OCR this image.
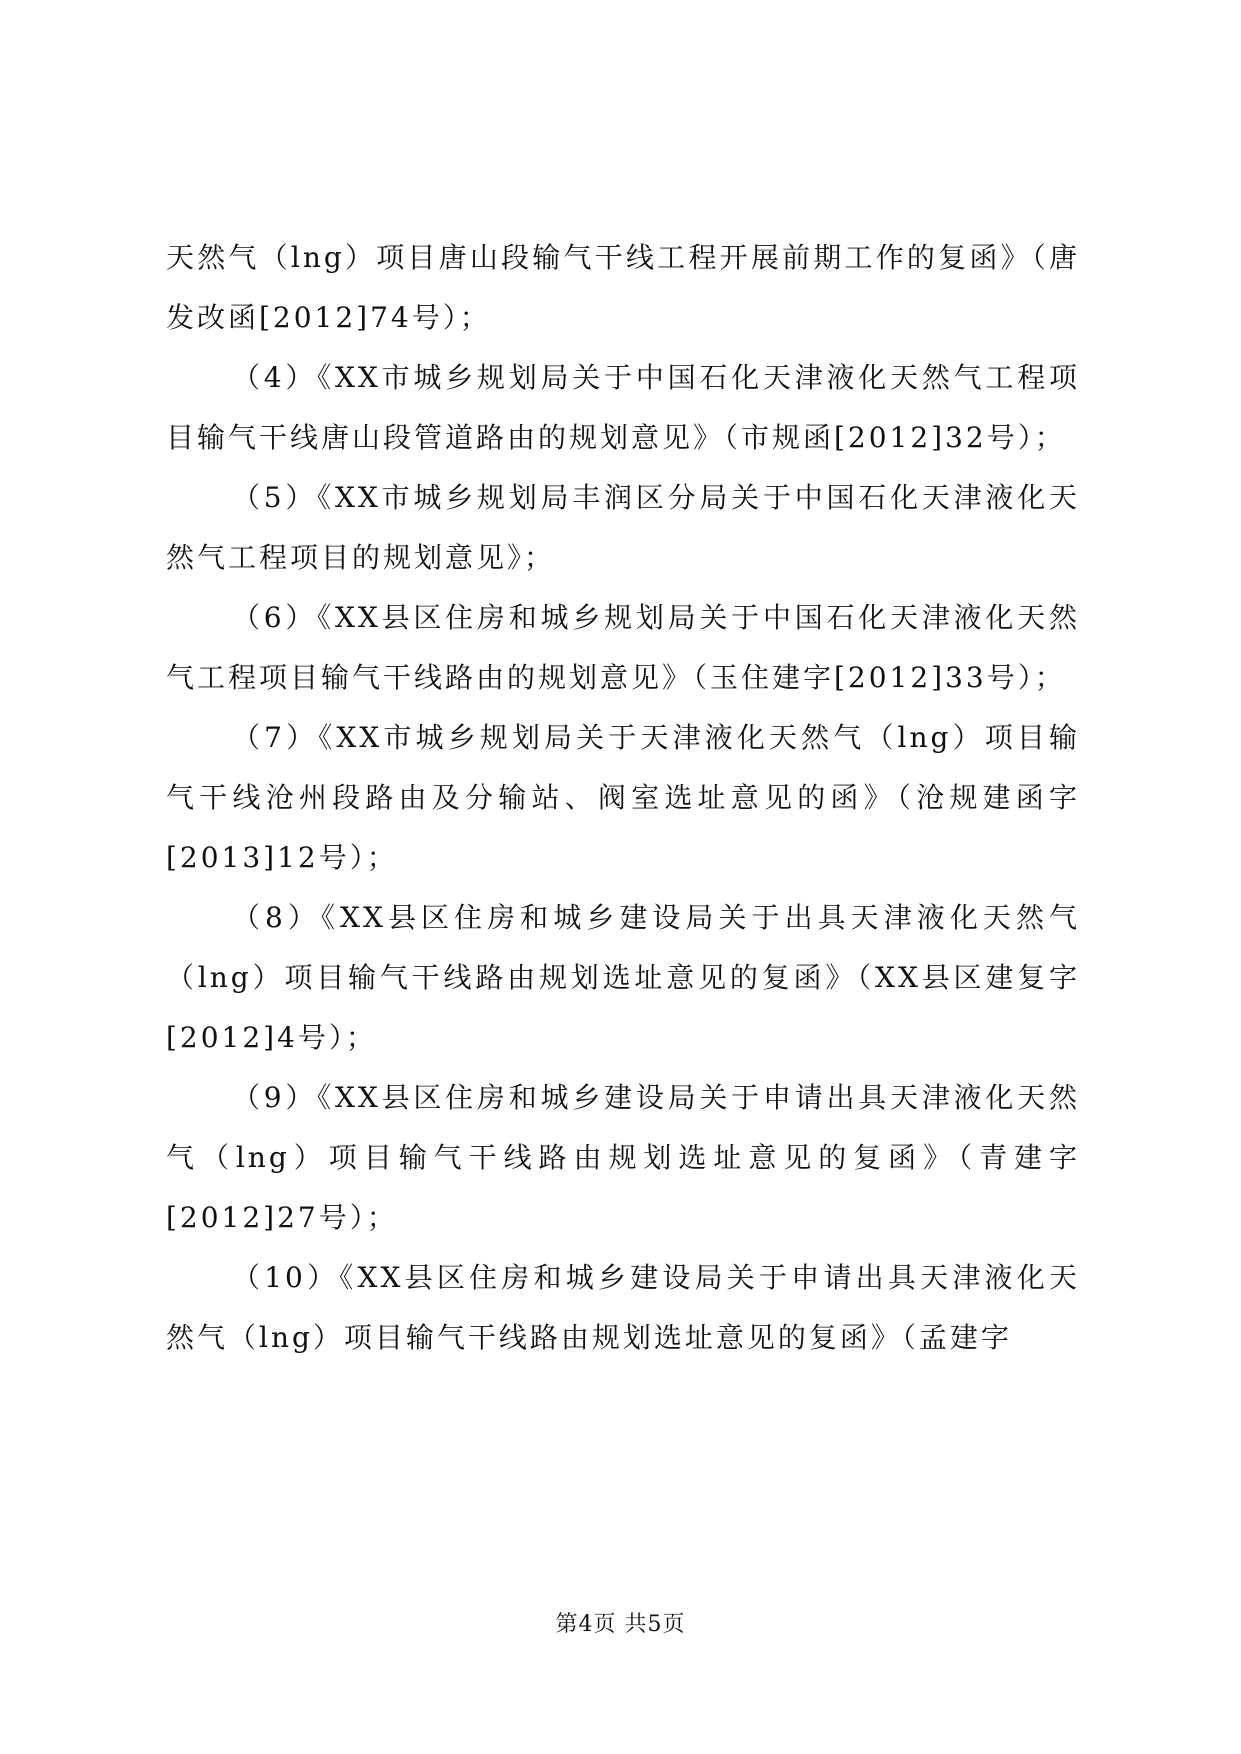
天然气（lng）项目唐山段输气干线工程开展前期工作的复函》（唐发改函[2012]74号）；

（4）《XX市城乡规划局关于中国石化天津液化天然气工程项目输气干线唐山段管道路由的规划意见》（市规函[2012]32号）；

（5）《XX市城乡规划局丰润区分局关于中国石化天津液化天然气工程项目的规划意见》；

（6）《XX县区住房和城乡规划局关于中国石化天津液化天然气工程项目输气干线路由的规划意见》（玉住建字[2012]33号）；

（7）《XX市城乡规划局关于天津液化天然气（lng）项目输气干线沧州段路由及分输站、阀室选址意见的函》（沧规建函字[2013]12号）；

（8）《XX县区住房和城乡建设局关于出具天津液化天然气（lng）项目输气干线路由规划选址意见的复函》（XX县区建复字[2012]4号）；

（9）《XX县区住房和城乡建设局关于申请出具天津液化天然气（lng）项目输气干线路由规划选址意见的复函》（青建字[2012]27号）；

（10）《XX县区住房和城乡建设局关于申请出具天津液化天然气（lng）项目输气干线路由规划选址意见的复函》（孟建字

第4页 共5页
